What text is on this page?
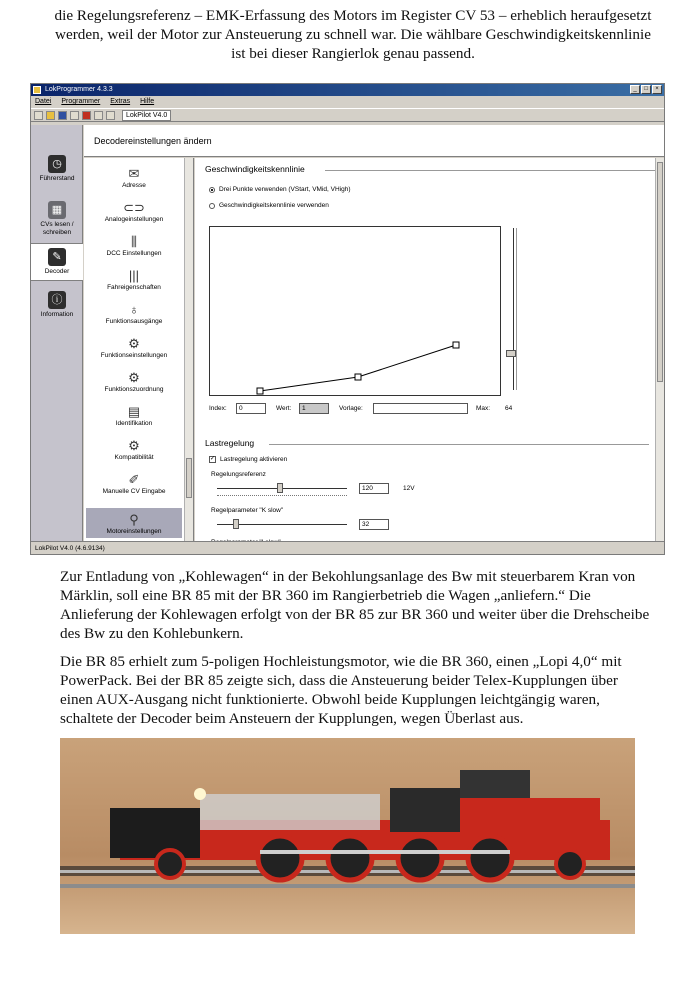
die Regelungsreferenz – EMK-Erfassung des Motors im Register CV 53 – erheblich heraufgesetzt werden, weil der Motor zur Ansteuerung zu schnell war. Die wählbare Geschwindigkeitskennlinie ist bei dieser Rangierlok genau passend.

LokProgrammer 4.3.3	_	□	×
Datei Programmer Extras Hilfe
LokPilot V4.0
◷
Führerstand
▦
CVs lesen / schreiben
✎
Decoder
ⓘ
Information
Decodereinstellungen ändern
✉
Adresse
⊂⊃
Analogeinstellungen
⫼
DCC Einstellungen
|||
Fahreigenschaften
♁
Funktionsausgänge
⚙
Funktionseinstellungen
⚙
Funktionszuordnung
▤
Identifikation
⚙
Kompatibilität
✐
Manuelle CV Eingabe
⚲
Motoreinstellungen
Geschwindigkeitskennlinie
Drei Punkte verwenden (VStart, VMid, VHigh)
Geschwindigkeitskennlinie verwenden
Index:	0	Wert:	1	Vorlage:	Max: 64
Lastregelung
✓ Lastregelung aktivieren
Regelungsreferenz
120	12V
Regelparameter "K slow"
32
LokPilot V4.0 (4.6.9134)

Zur Entladung von „Kohlewagen“ in der Bekohlungsanlage des Bw mit steuerbarem Kran von Märklin, soll eine BR 85 mit der BR 360 im Rangierbetrieb die Wagen „anliefern.“ Die Anlieferung der Kohlewagen erfolgt von der BR 85 zur BR 360 und weiter über die Drehscheibe des Bw zu den Kohlebunkern.

Die BR 85 erhielt zum 5-poligen Hochleistungsmotor, wie die BR 360, einen „Lopi 4,0“ mit PowerPack. Bei der BR 85 zeigte sich, dass die Ansteuerung beider Telex-Kupplungen über einen AUX-Ausgang nicht funktionierte. Obwohl beide Kupplungen leichtgängig waren, schaltete der Decoder beim Ansteuern der Kupplungen, wegen Überlast aus.
